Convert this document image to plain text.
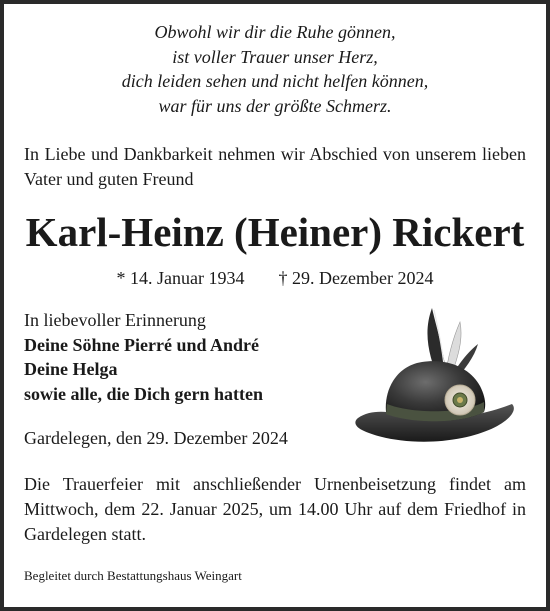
Obwohl wir dir die Ruhe gönnen,
ist voller Trauer unser Herz,
dich leiden sehen und nicht helfen können,
war für uns der größte Schmerz.
In Liebe und Dankbarkeit nehmen wir Abschied von unserem lieben Vater und guten Freund
Karl-Heinz (Heiner) Rickert
* 14. Januar 1934 † 29. Dezember 2024
In liebevoller Erinnerung
Deine Söhne Pierré und André
Deine Helga
sowie alle, die Dich gern hatten
Gardelegen, den 29. Dezember 2024
Die Trauerfeier mit anschließender Urnenbeisetzung findet am Mittwoch, dem 22. Januar 2025, um 14.00 Uhr auf dem Friedhof in Gardelegen statt.
Begleitet durch Bestattungshaus Weingart
